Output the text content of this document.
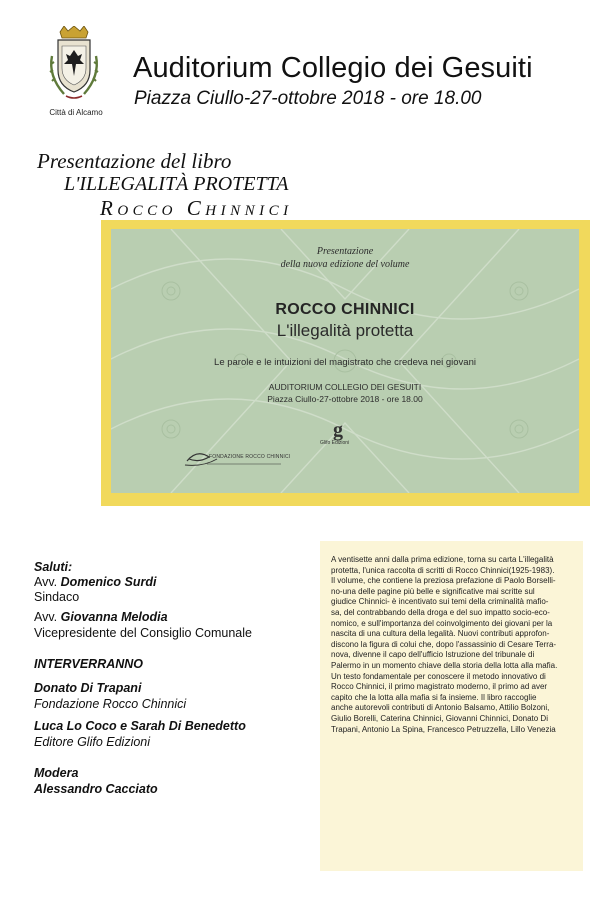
Città di Alcamo
Auditorium Collegio dei Gesuiti
Piazza Ciullo-27-ottobre 2018 - ore 18.00
Presentazione del libro
L'ILLEGALITÀ PROTETTA
Rocco Chinnici
Presentazione
della nuova edizione del volume
ROCCO CHINNICI
L'illegalità protetta
Le parole e le intuizioni del magistrato che credeva nei giovani
AUDITORIUM COLLEGIO DEI GESUITI
Piazza Ciullo-27-ottobre 2018 - ore 18.00
FONDAZIONE ROCCO CHINNICI
g
Glifo Edizioni
Saluti:
Avv. Domenico Surdi
Sindaco
Avv. Giovanna Melodia
Vicepresidente del Consiglio Comunale
INTERVERRANNO
Donato Di Trapani
Fondazione Rocco Chinnici
Luca Lo Coco e Sarah Di Benedetto
Editore Glifo Edizioni
Modera
Alessandro Cacciato

A ventisette anni dalla prima edizione, torna su carta L'illegalità
protetta, l'unica raccolta di scritti di Rocco Chinnici(1925-1983).
Il volume, che contiene la preziosa prefazione di Paolo Borselli-
no-una delle pagine più belle e significative mai scritte sul
giudice Chinnici- è incentivato sui temi della criminalità mafio-
sa, del contrabbando della droga e del suo impatto socio-eco-
nomico, e sull'importanza del coinvolgimento dei giovani per la
nascita di una cultura della legalità. Nuovi contributi approfon-
discono la figura di colui che, dopo l'assassinio di Cesare Terra-
nova, divenne il capo dell'ufficio Istruzione del tribunale di
Palermo in un momento chiave della storia della lotta alla mafia.
Un testo fondamentale per conoscere il metodo innovativo di
Rocco Chinnici, il primo magistrato moderno, il primo ad aver
capito che la lotta alla mafia si fa insieme. Il libro raccoglie
anche autorevoli contributi di Antonio Balsamo, Attilio Bolzoni,
Giulio Borelli, Caterina Chinnici, Giovanni Chinnici, Donato Di
Trapani, Antonio La Spina, Francesco Petruzzella, Lillo Venezia
